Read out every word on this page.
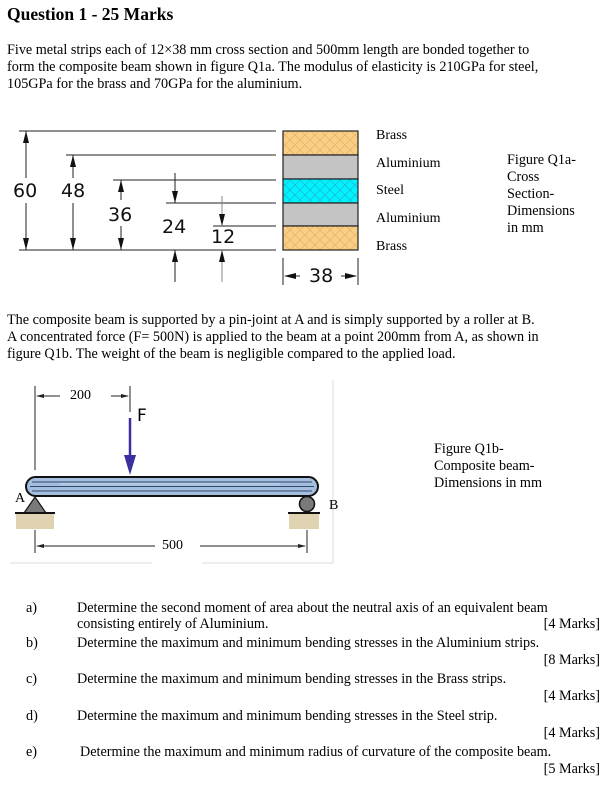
Question 1 - 25 Marks
Five metal strips each of 12×38 mm cross section and 500mm length are bonded together to
form the composite beam shown in figure Q1a. The modulus of elasticity is 210GPa for steel,
105GPa for the brass and 70GPa for the aluminium.
60 48
36
24 12
38
Brass
Aluminium
Steel
Aluminium
Brass
Figure Q1a-
Cross
Section-
Dimensions
in mm
The composite beam is supported by a pin-joint at A and is simply supported by a roller at B.
A concentrated force (F= 500N) is applied to the beam at a point 200mm from A, as shown in
figure Q1b. The weight of the beam is negligible compared to the applied load.
200
F
A	B
500
Figure Q1b-
Composite beam-
Dimensions in mm
a)	Determine the second moment of area about the neutral axis of an equivalent beam
consisting entirely of Aluminium.	[4 Marks]
b)	Determine the maximum and minimum bending stresses in the Aluminium strips.
[8 Marks]
c)	Determine the maximum and minimum bending stresses in the Brass strips.
[4 Marks]
d)	Determine the maximum and minimum bending stresses in the Steel strip.
[4 Marks]
e)	Determine the maximum and minimum radius of curvature of the composite beam.
[5 Marks]
